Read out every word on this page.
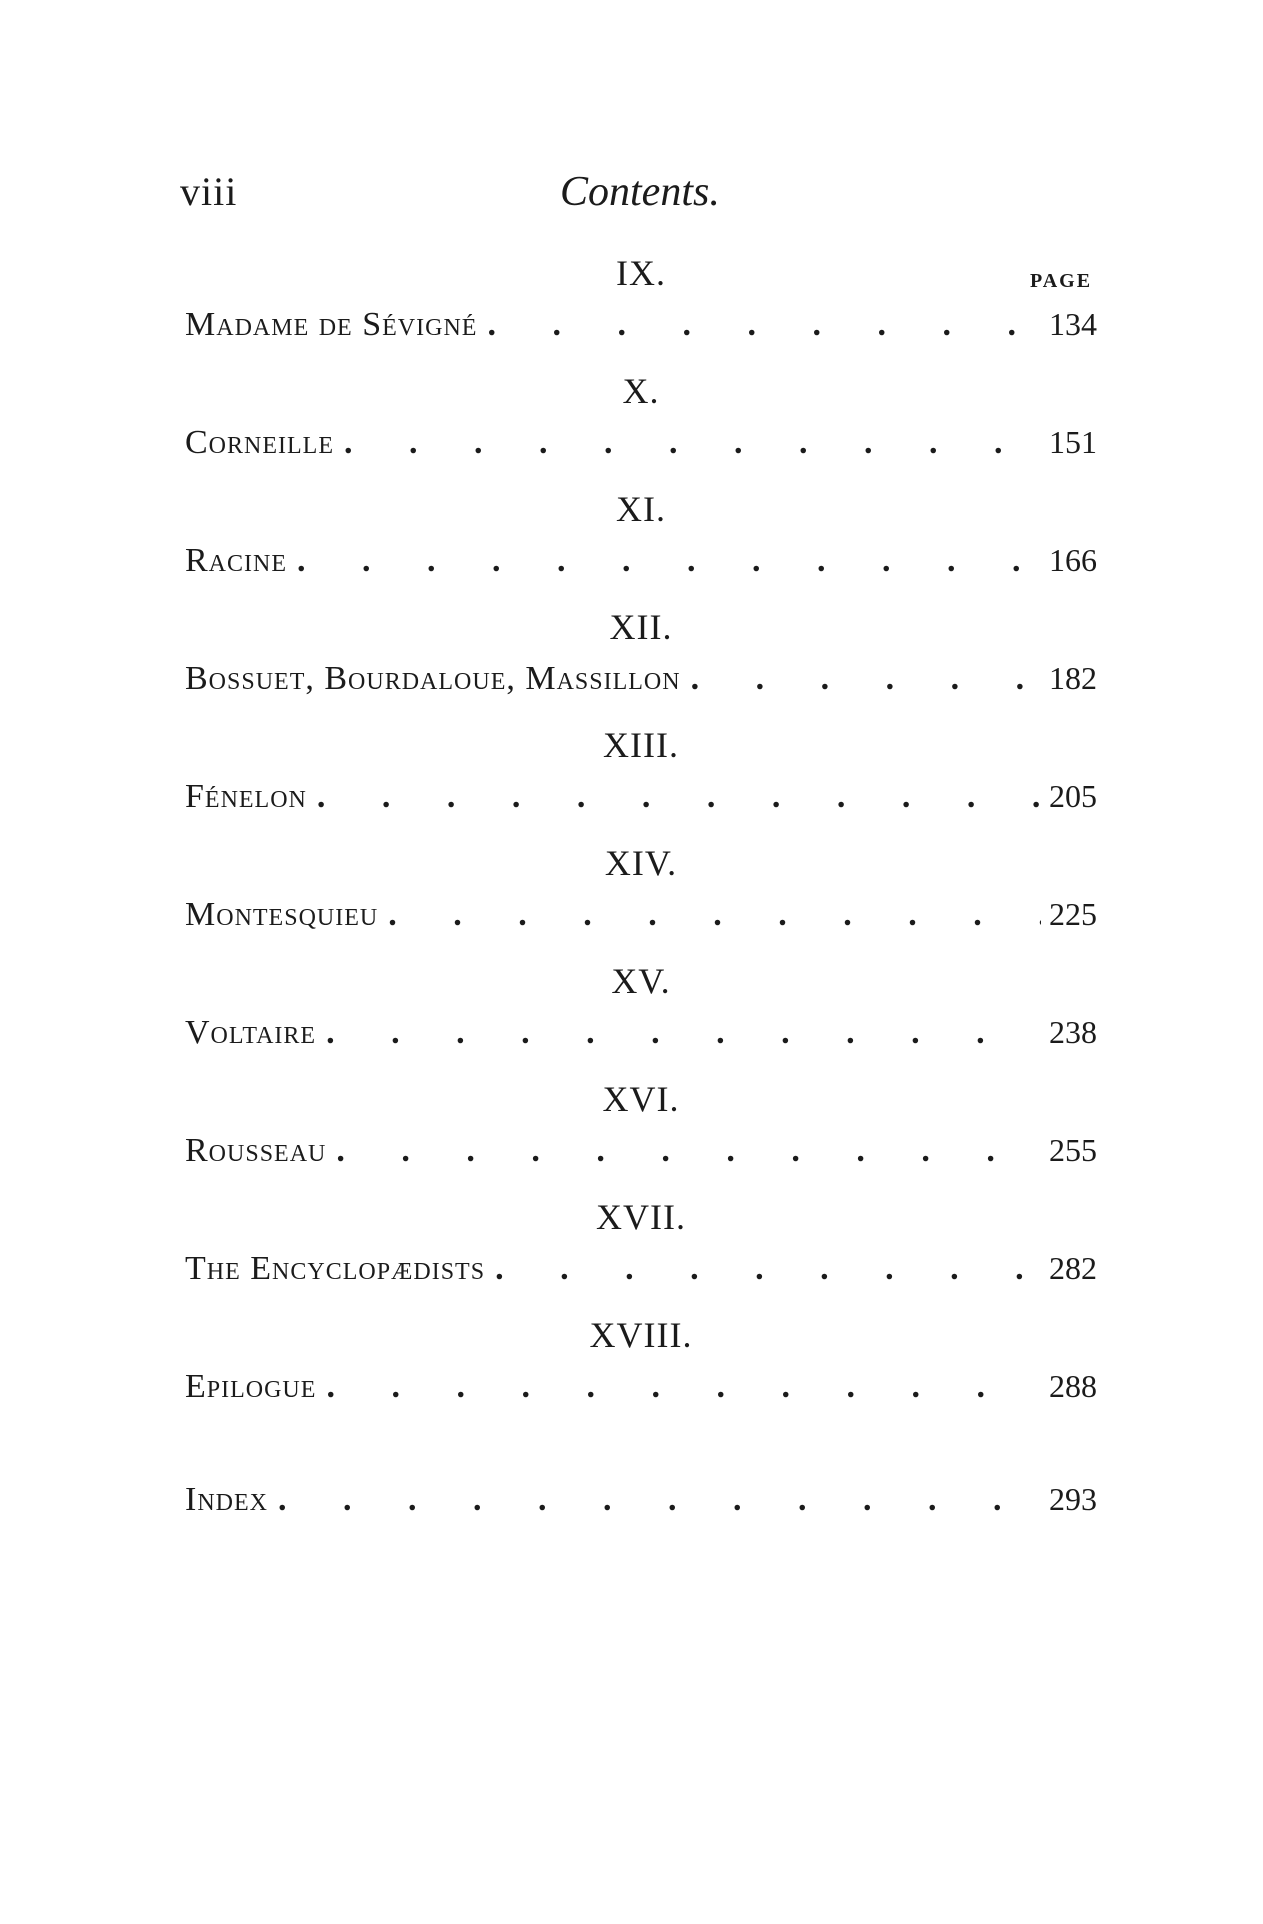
viii	Contents.
PAGE
IX.
Madame de Sévigné . . .	134
X.
Corneille . . .	151
XI.
Racine . . .	166
XII.
Bossuet, Bourdaloue, Massillon . . .	182
XIII.
Fénelon . . .	205
XIV.
Montesquieu . . .	225
XV.
Voltaire . . .	238
XVI.
Rousseau . . .	255
XVII.
The Encyclopædists . . .	282
XVIII.
Epilogue . . .	288
Index . . .	293
